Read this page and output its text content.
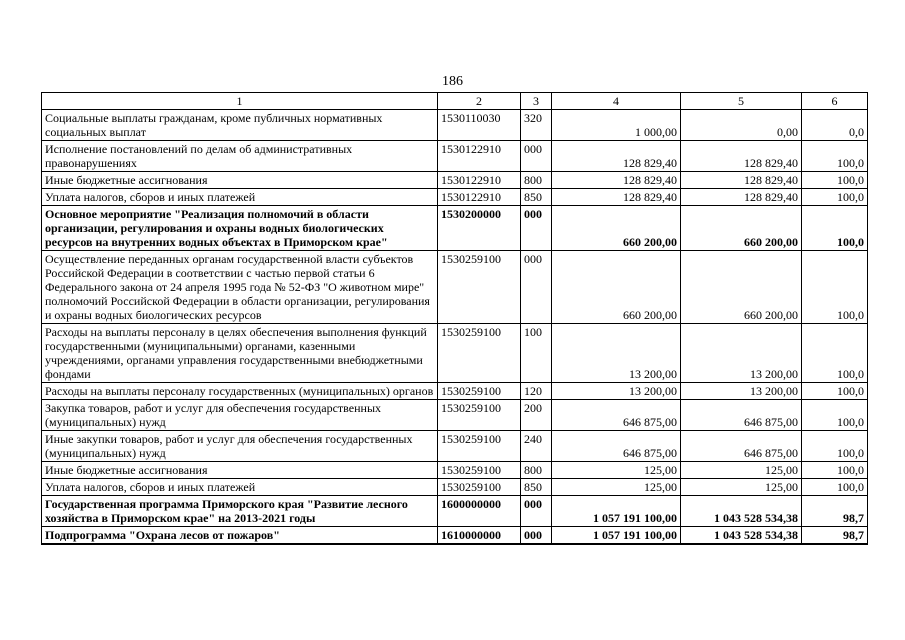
186
1	2	3	4	5	6
Социальные выплаты гражданам, кроме публичных нормативных социальных выплат	1530110030	320	1 000,00	0,00	0,0
Исполнение постановлений по делам об административных правонарушениях	1530122910	000	128 829,40	128 829,40	100,0
Иные бюджетные ассигнования	1530122910	800	128 829,40	128 829,40	100,0
Уплата налогов, сборов и иных платежей	1530122910	850	128 829,40	128 829,40	100,0
Основное мероприятие "Реализация полномочий в области организации, регулирования и охраны водных биологических ресурсов на внутренних водных объектах в Приморском крае"	1530200000	000	660 200,00	660 200,00	100,0
Осуществление переданных органам государственной власти субъектов Российской Федерации в соответствии с частью первой статьи 6 Федерального закона от 24 апреля 1995 года № 52-ФЗ "О животном мире" полномочий Российской Федерации в области организации, регулирования и охраны водных биологических ресурсов	1530259100	000	660 200,00	660 200,00	100,0
Расходы на выплаты персоналу в целях обеспечения выполнения функций государственными (муниципальными) органами, казенными учреждениями, органами управления государственными внебюджетными фондами	1530259100	100	13 200,00	13 200,00	100,0
Расходы на выплаты персоналу государственных (муниципальных) органов	1530259100	120	13 200,00	13 200,00	100,0
Закупка товаров, работ и услуг для обеспечения государственных (муниципальных) нужд	1530259100	200	646 875,00	646 875,00	100,0
Иные закупки товаров, работ и услуг для обеспечения государственных (муниципальных) нужд	1530259100	240	646 875,00	646 875,00	100,0
Иные бюджетные ассигнования	1530259100	800	125,00	125,00	100,0
Уплата налогов, сборов и иных платежей	1530259100	850	125,00	125,00	100,0
Государственная программа Приморского края "Развитие лесного хозяйства в Приморском крае" на 2013-2021 годы	1600000000	000	1 057 191 100,00	1 043 528 534,38	98,7
Подпрограмма "Охрана лесов от пожаров"	1610000000	000	1 057 191 100,00	1 043 528 534,38	98,7
